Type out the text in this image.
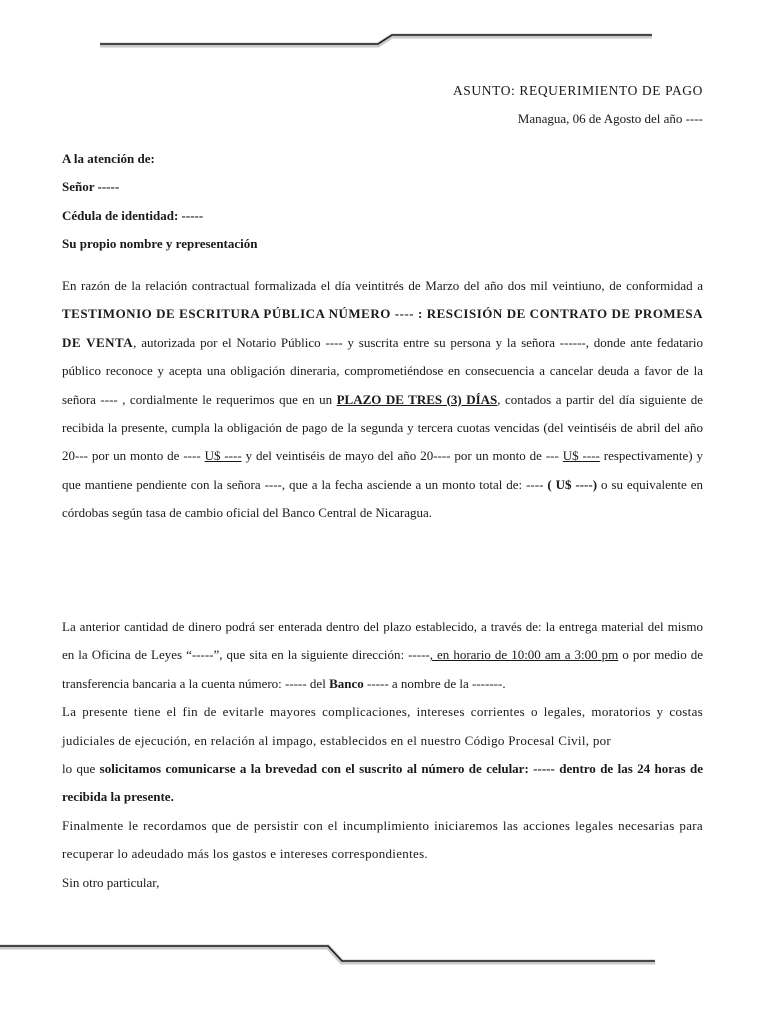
ASUNTO: REQUERIMIENTO DE PAGO
Managua, 06 de Agosto del año ----
A la atención de:
Señor -----
Cédula de identidad: -----
Su propio nombre y representación

En razón de la relación contractual formalizada el día veintitrés de Marzo del año dos mil veintiuno, de conformidad a TESTIMONIO DE ESCRITURA PÚBLICA NÚMERO ---- : RESCISIÓN DE CONTRATO DE PROMESA DE VENTA, autorizada por el Notario Público ---- y suscrita entre su persona y la señora ------, donde ante fedatario público reconoce y acepta una obligación dineraria, comprometiéndose en consecuencia a cancelar deuda a favor de la señora ---- , cordialmente le requerimos que en un PLAZO DE TRES (3) DÍAS, contados a partir del día siguiente de recibida la presente, cumpla la obligación de pago de la segunda y tercera cuotas vencidas (del veintiséis de abril del año 20--- por un monto de ---- U$ ---- y del veintiséis de mayo del año 20---- por un monto de --- U$ ---- respectivamente) y que mantiene pendiente con la señora ----, que a la fecha asciende a un monto total de: ---- ( U$ ----) o su equivalente en córdobas según tasa de cambio oficial del Banco Central de Nicaragua.

La anterior cantidad de dinero podrá ser enterada dentro del plazo establecido, a través de: la entrega material del mismo en la Oficina de Leyes “-----”, que sita en la siguiente dirección: -----, en horario de 10:00 am a 3:00 pm o por medio de transferencia bancaria a la cuenta número: ----- del Banco ----- a nombre de la -------.

La presente tiene el fin de evitarle mayores complicaciones, intereses corrientes o legales, moratorios y costas judiciales de ejecución, en relación al impago, establecidos en el nuestro Código Procesal Civil, por

lo que solicitamos comunicarse a la brevedad con el suscrito al número de celular: ----- dentro de las 24 horas de recibida la presente.

Finalmente le recordamos que de persistir con el incumplimiento iniciaremos las acciones legales necesarias para recuperar lo adeudado más los gastos e intereses correspondientes.

Sin otro particular,
